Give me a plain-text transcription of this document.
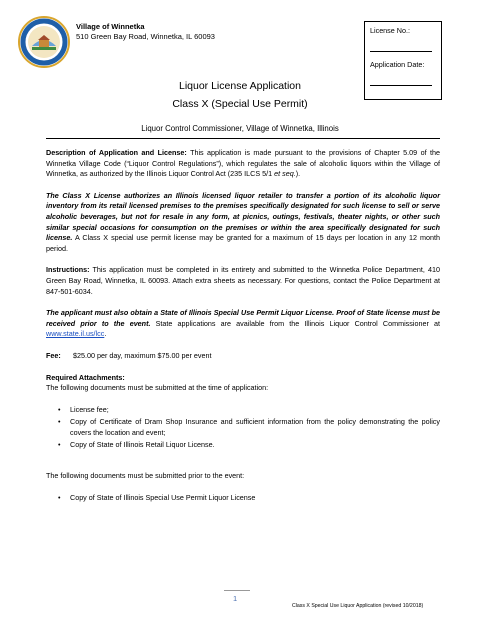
Village of Winnetka
510 Green Bay Road, Winnetka, IL 60093
License No.:
Application Date:
Liquor License Application
Class X (Special Use Permit)
Liquor Control Commissioner, Village of Winnetka, Illinois

Description of Application and License: This application is made pursuant to the provisions of Chapter 5.09 of the Winnetka Village Code (“Liquor Control Regulations”), which regulates the sale of alcoholic liquors within the Village of Winnetka, as authorized by the Illinois Liquor Control Act (235 ILCS 5/1 et seq.).

The Class X License authorizes an Illinois licensed liquor retailer to transfer a portion of its alcoholic liquor inventory from its retail licensed premises to the premises specifically designated for such license to sell or serve alcoholic beverages, but not for resale in any form, at picnics, outings, festivals, theater nights, or other such similar special occasions for consumption on the premises or within the area specifically designated for such license. A Class X special use permit license may be granted for a maximum of 15 days per location in any 12 month period.

Instructions: This application must be completed in its entirety and submitted to the Winnetka Police Department, 410 Green Bay Road, Winnetka, IL 60093. Attach extra sheets as necessary. For questions, contact the Police Department at 847-501-6034.

The applicant must also obtain a State of Illinois Special Use Permit Liquor License. Proof of State license must be received prior to the event. State applications are available from the Illinois Liquor Control Commissioner at www.state.il.us/lcc.

Fee:	$25.00 per day, maximum $75.00 per event

Required Attachments:

The following documents must be submitted at the time of application:

• License fee;
• Copy of Certificate of Dram Shop Insurance and sufficient information from the policy demonstrating the policy covers the location and event;
• Copy of State of Illinois Retail Liquor License.

The following documents must be submitted prior to the event:

• Copy of State of Illinois Special Use Permit Liquor License
1
Class X Special Use Liquor Application (revised 10/2018)
